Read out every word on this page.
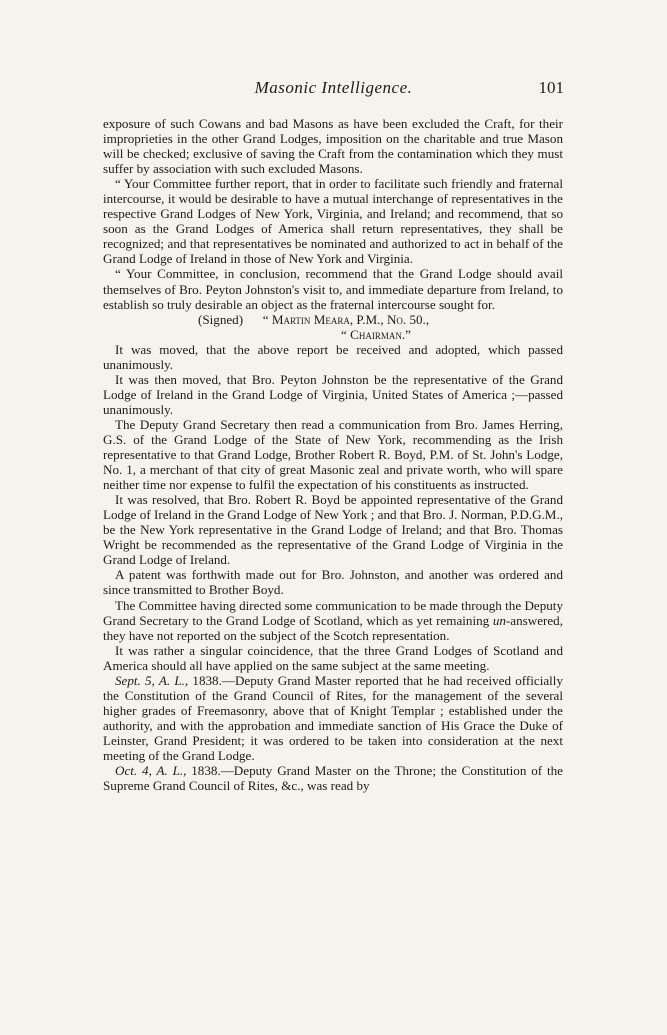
Masonic Intelligence.	101

exposure of such Cowans and bad Masons as have been excluded the Craft, for their improprieties in the other Grand Lodges, imposition on the charitable and true Mason will be checked; exclusive of saving the Craft from the contamination which they must suffer by association with such excluded Masons.

“ Your Committee further report, that in order to facilitate such friendly and fraternal intercourse, it would be desirable to have a mutual interchange of representatives in the respective Grand Lodges of New York, Virginia, and Ireland; and recommend, that so soon as the Grand Lodges of America shall return representatives, they shall be recognized; and that representatives be nominated and authorized to act in behalf of the Grand Lodge of Ireland in those of New York and Virginia.

“ Your Committee, in conclusion, recommend that the Grand Lodge should avail themselves of Bro. Peyton Johnston's visit to, and immediate departure from Ireland, to establish so truly desirable an object as the fraternal intercourse sought for.

(Signed) “ Martin Meara, P.M., No. 50.,
“ Chairman.”

It was moved, that the above report be received and adopted, which passed unanimously.

It was then moved, that Bro. Peyton Johnston be the representative of the Grand Lodge of Ireland in the Grand Lodge of Virginia, United States of America ;—passed unanimously.

The Deputy Grand Secretary then read a communication from Bro. James Herring, G.S. of the Grand Lodge of the State of New York, recommending as the Irish representative to that Grand Lodge, Brother Robert R. Boyd, P.M. of St. John's Lodge, No. 1, a merchant of that city of great Masonic zeal and private worth, who will spare neither time nor expense to fulfil the expectation of his constituents as instructed.

It was resolved, that Bro. Robert R. Boyd be appointed representative of the Grand Lodge of Ireland in the Grand Lodge of New York ; and that Bro. J. Norman, P.D.G.M., be the New York representative in the Grand Lodge of Ireland; and that Bro. Thomas Wright be recommended as the representative of the Grand Lodge of Virginia in the Grand Lodge of Ireland.

A patent was forthwith made out for Bro. Johnston, and another was ordered and since transmitted to Brother Boyd.

The Committee having directed some communication to be made through the Deputy Grand Secretary to the Grand Lodge of Scotland, which as yet remaining un-answered, they have not reported on the subject of the Scotch representation.

It was rather a singular coincidence, that the three Grand Lodges of Scotland and America should all have applied on the same subject at the same meeting.

Sept. 5, A. L., 1838.—Deputy Grand Master reported that he had received officially the Constitution of the Grand Council of Rites, for the management of the several higher grades of Freemasonry, above that of Knight Templar ; established under the authority, and with the approbation and immediate sanction of His Grace the Duke of Leinster, Grand President; it was ordered to be taken into consideration at the next meeting of the Grand Lodge.

Oct. 4, A. L., 1838.—Deputy Grand Master on the Throne; the Constitution of the Supreme Grand Council of Rites, &c., was read by
